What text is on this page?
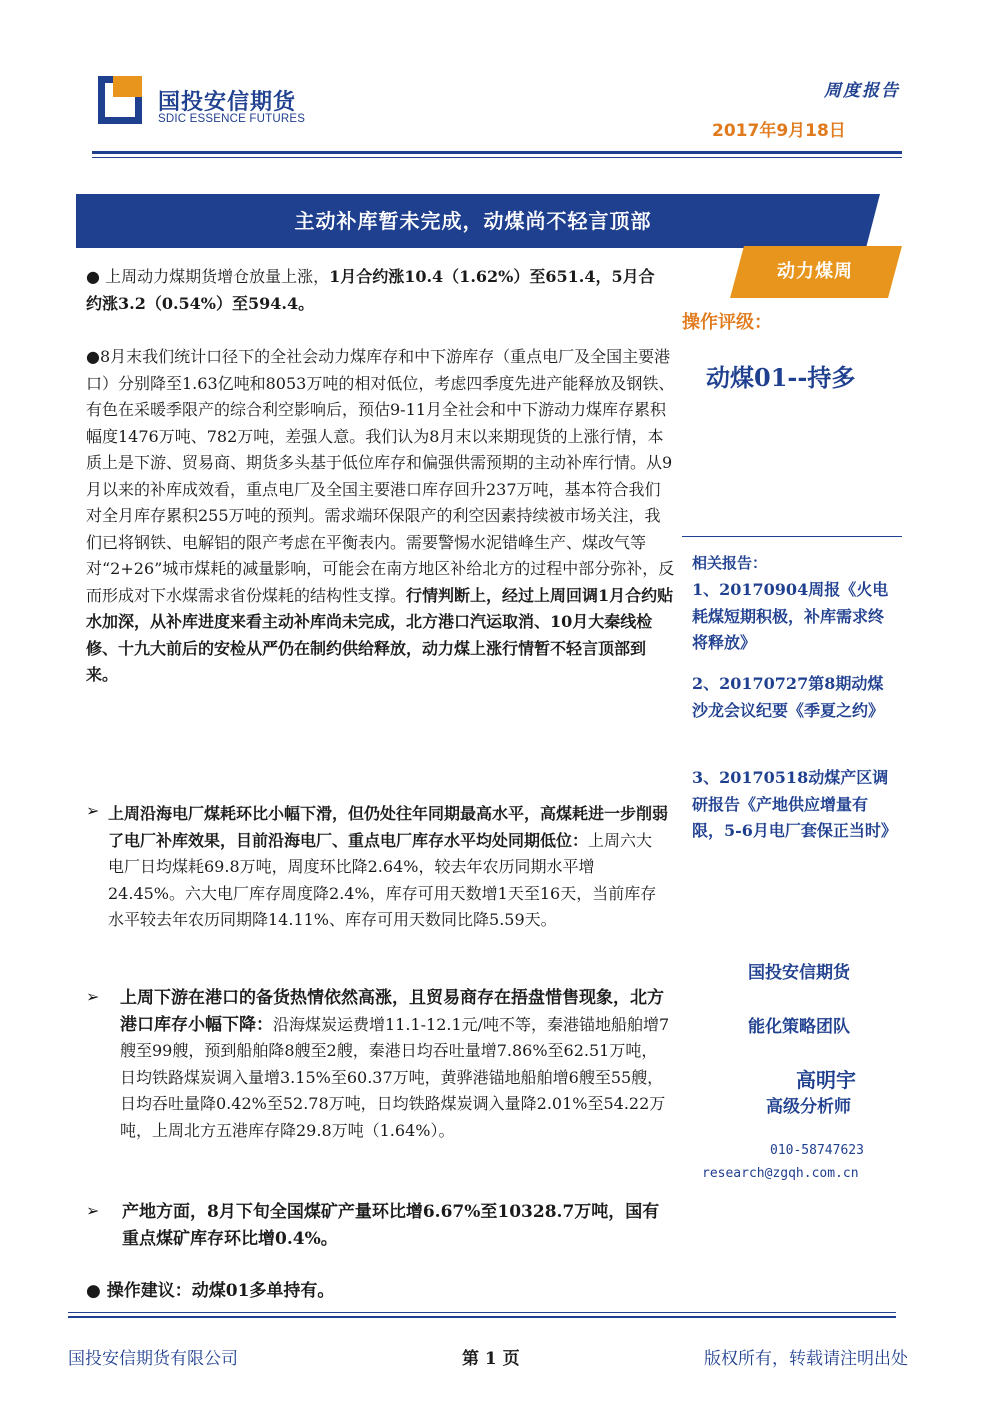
国投安信期货
SDIC ESSENCE FUTURES
周度报告
2017年9月18日
主动补库暂未完成，动煤尚不轻言顶部
动力煤周
操作评级：
动煤01--持多
相关报告：
1、20170904周报《火电耗煤短期积极，补库需求终将释放》
2、20170727第8期动煤沙龙会议纪要《季夏之约》
3、20170518动煤产区调研报告《产地供应增量有限，5-6月电厂套保正当时》
国投安信期货
能化策略团队
高明宇
高级分析师
010-58747623
research@zgqh.com.cn
● 上周动力煤期货增仓放量上涨，1月合约涨10.4（1.62%）至651.4，5月合约涨3.2（0.54%）至594.4。
●8月末我们统计口径下的全社会动力煤库存和中下游库存（重点电厂及全国主要港口）分别降至1.63亿吨和8053万吨的相对低位，考虑四季度先进产能释放及钢铁、有色在采暖季限产的综合利空影响后，预估9-11月全社会和中下游动力煤库存累积幅度1476万吨、782万吨，差强人意。我们认为8月末以来期现货的上涨行情，本质上是下游、贸易商、期货多头基于低位库存和偏强供需预期的主动补库行情。从9月以来的补库成效看，重点电厂及全国主要港口库存回升237万吨，基本符合我们对全月库存累积255万吨的预判。需求端环保限产的利空因素持续被市场关注，我们已将钢铁、电解铝的限产考虑在平衡表内。需要警惕水泥错峰生产、煤改气等对“2+26”城市煤耗的减量影响，可能会在南方地区补给北方的过程中部分弥补，反而形成对下水煤需求省份煤耗的结构性支撑。行情判断上，经过上周回调1月合约贴水加深，从补库进度来看主动补库尚未完成，北方港口汽运取消、10月大秦线检修、十九大前后的安检从严仍在制约供给释放，动力煤上涨行情暂不轻言顶部到来。
➢ 上周沿海电厂煤耗环比小幅下滑，但仍处往年同期最高水平，高煤耗进一步削弱了电厂补库效果，目前沿海电厂、重点电厂库存水平均处同期低位：上周六大电厂日均煤耗69.8万吨，周度环比降2.64%，较去年农历同期水平增24.45%。六大电厂库存周度降2.4%，库存可用天数增1天至16天，当前库存水平较去年农历同期降14.11%、库存可用天数同比降5.59天。
➢ 上周下游在港口的备货热情依然高涨，且贸易商存在捂盘惜售现象，北方港口库存小幅下降：沿海煤炭运费增11.1-12.1元/吨不等，秦港锚地船舶增7艘至99艘，预到船舶降8艘至2艘，秦港日均吞吐量增7.86%至62.51万吨，日均铁路煤炭调入量增3.15%至60.37万吨，黄骅港锚地船舶增6艘至55艘，日均吞吐量降0.42%至52.78万吨，日均铁路煤炭调入量降2.01%至54.22万吨，上周北方五港库存降29.8万吨（1.64%）。
➢ 产地方面，8月下旬全国煤矿产量环比增6.67%至10328.7万吨，国有重点煤矿库存环比增0.4%。
● 操作建议：动煤01多单持有。
国投安信期货有限公司	第 1 页	版权所有，转载请注明出处
